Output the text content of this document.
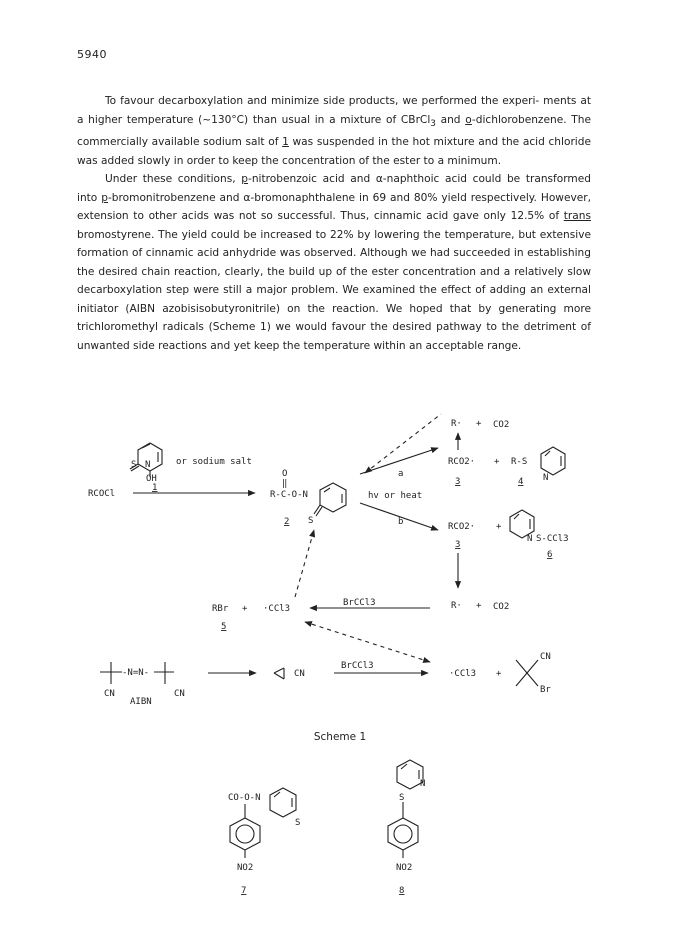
5940

To favour decarboxylation and minimize side products, we performed the experi- ments at a higher temperature (~130°C) than usual in a mixture of CBrCl$_3$ and o-dichlorobenzene. The commercially available sodium salt of 1 was suspended in the hot mixture and the acid chloride was added slowly in order to keep the concentration of the ester to a minimum.

Under these conditions, p-nitrobenzoic acid and α-naphthoic acid could be transformed into p-bromonitrobenzene and α-bromonaphthalene in 69 and 80% yield respectively. However, extension to other acids was not so successful. Thus, cinnamic acid gave only 12.5% of trans bromostyrene. The yield could be increased to 22% by lowering the temperature, but extensive formation of cinnamic acid anhydride was observed. Although we had succeeded in establishing the desired chain reaction, clearly, the build up of the ester concentration and a relatively slow decarboxylation step were still a major problem. We examined the effect of adding an external initiator (AIBN azobisisobutyronitrile) on the reaction. We hoped that by generating more trichloromethyl radicals (Scheme 1) we would favour the desired pathway to the detriment of unwanted side reactions and yet keep the temperature within an acceptable range.

S N
OH
or sodium salt
1
RCOCl
O
‖
R-C-O-N
S
2
hv or heat
a
b
R· + CO2
RCO2·
3
+ R-S
N
4
RCO2·
3
+
N S-CCl3
6
R· + CO2
RBr + ·CCl3
5
BrCCl3
-N=N-
CN	CN
AIBN
CN
BrCCl3
·CCl3 +
CN
Br
CO-O-N
S
NO2
7
S
N
NO2
8
Scheme 1
